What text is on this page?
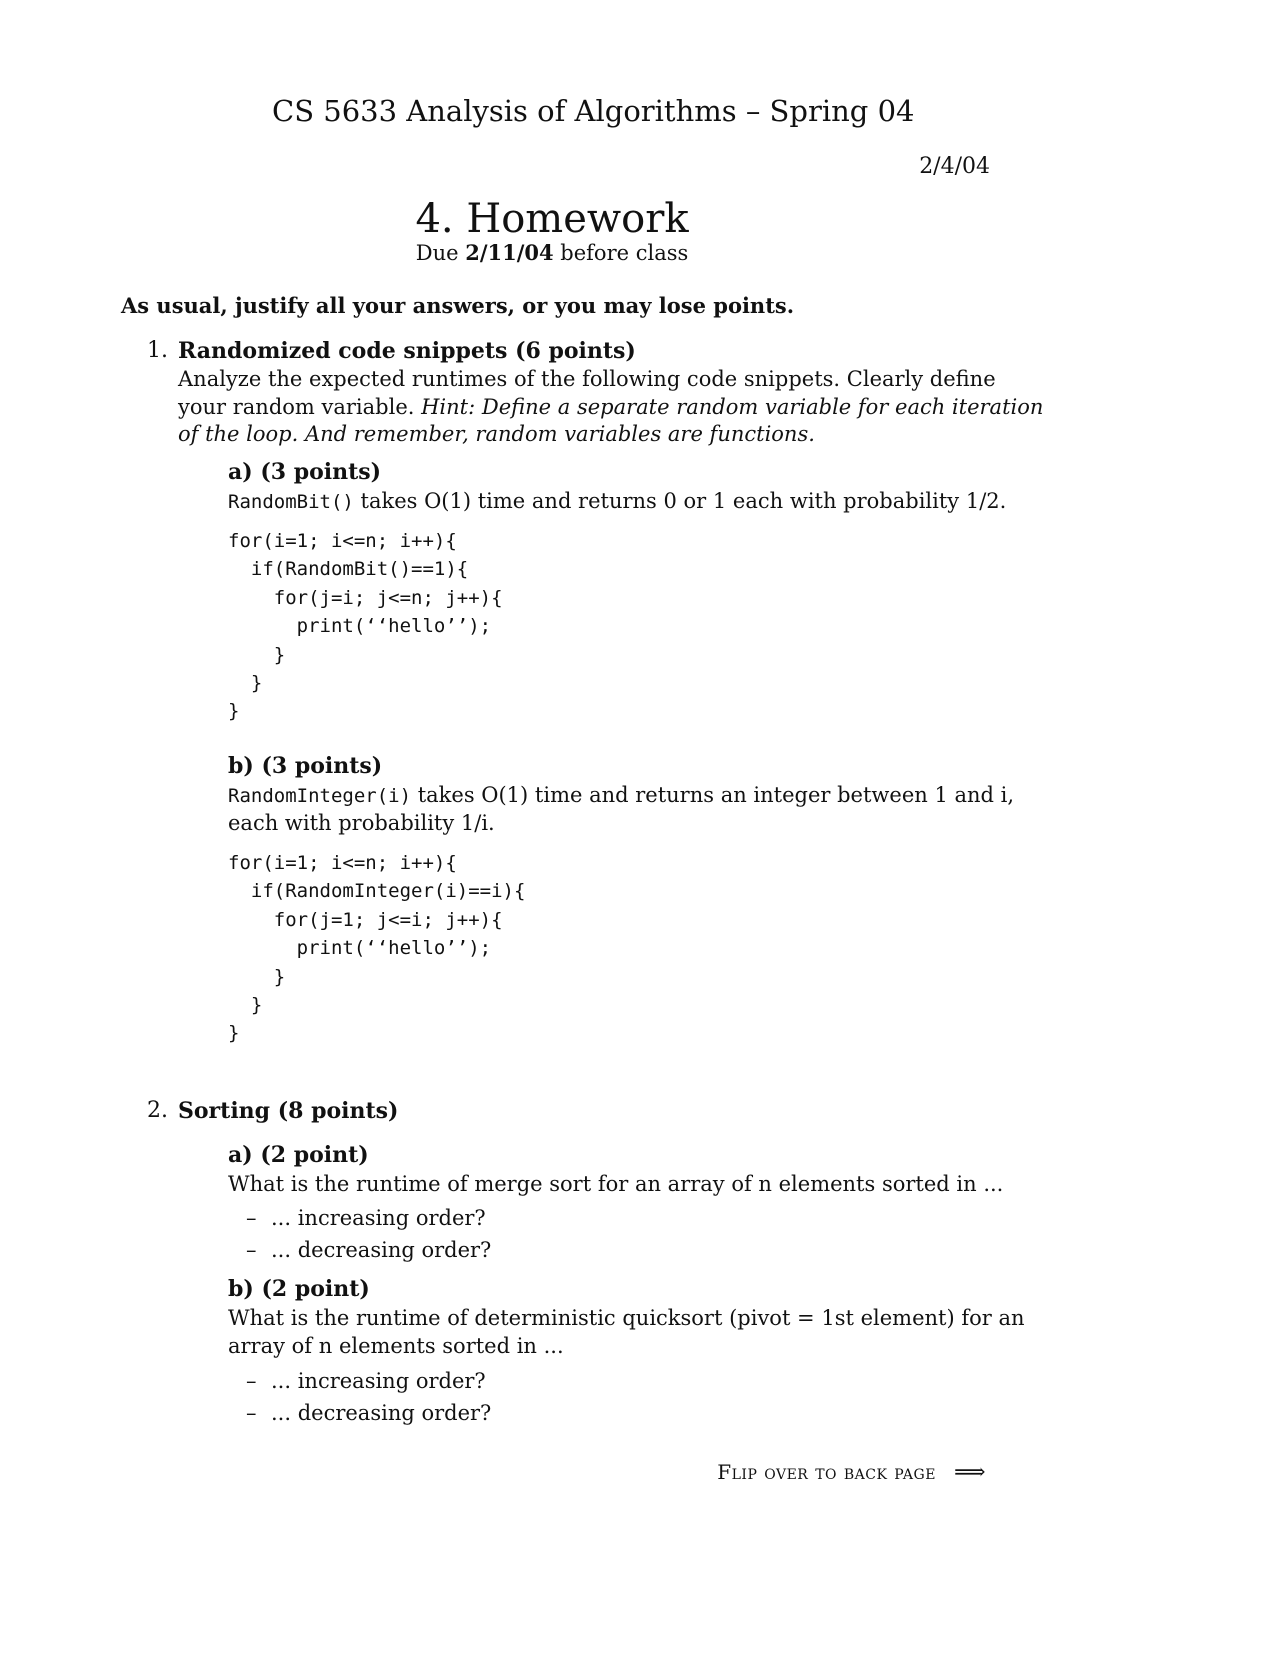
CS 5633 Analysis of Algorithms – Spring 04
2/4/04
4. Homework
Due 2/11/04 before class
As usual, justify all your answers, or you may lose points.
1. Randomized code snippets (6 points)
Analyze the expected runtimes of the following code snippets. Clearly define
your random variable. Hint: Define a separate random variable for each iteration
of the loop. And remember, random variables are functions.
a) (3 points)
RandomBit() takes O(1) time and returns 0 or 1 each with probability 1/2.
for(i=1; i<=n; i++){
if(RandomBit()==1){
for(j=i; j<=n; j++){
print(‘‘hello’’);
}
}
}
b) (3 points)
RandomInteger(i) takes O(1) time and returns an integer between 1 and i,
each with probability 1/i.
for(i=1; i<=n; i++){
if(RandomInteger(i)==i){
for(j=1; j<=i; j++){
print(‘‘hello’’);
}
}
}
2. Sorting (8 points)
a) (2 point)
What is the runtime of merge sort for an array of n elements sorted in ...
– ... increasing order?
– ... decreasing order?
b) (2 point)
What is the runtime of deterministic quicksort (pivot = 1st element) for an
array of n elements sorted in ...
– ... increasing order?
– ... decreasing order?
Flip over to back page ⟹
